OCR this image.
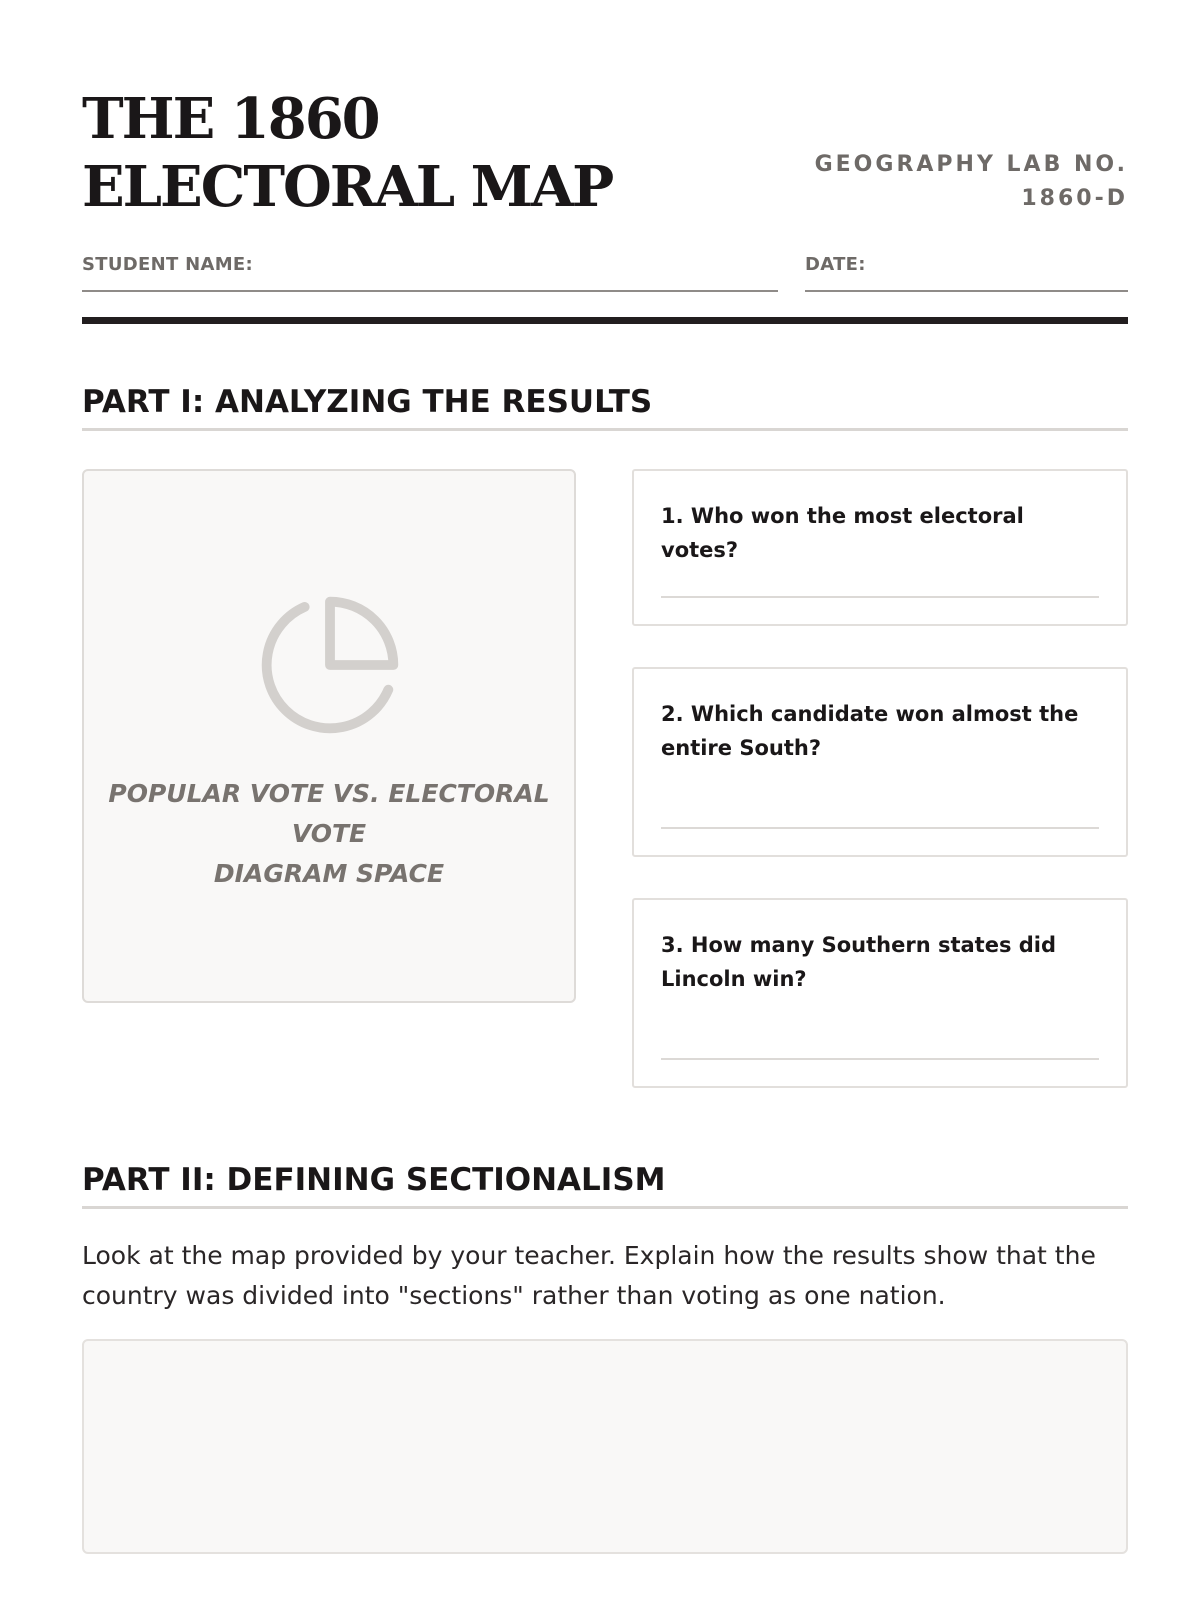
THE 1860 ELECTORAL MAP	GEOGRAPHY LAB NO. 1860-D
STUDENT NAME:	DATE:
PART I: ANALYZING THE RESULTS
POPULAR VOTE VS. ELECTORAL VOTE
DIAGRAM SPACE

1. Who won the most electoral votes?

2. Which candidate won almost the entire South?

3. How many Southern states did Lincoln win?

PART II: DEFINING SECTIONALISM

Look at the map provided by your teacher. Explain how the results show that the country was divided into "sections" rather than voting as one nation.
